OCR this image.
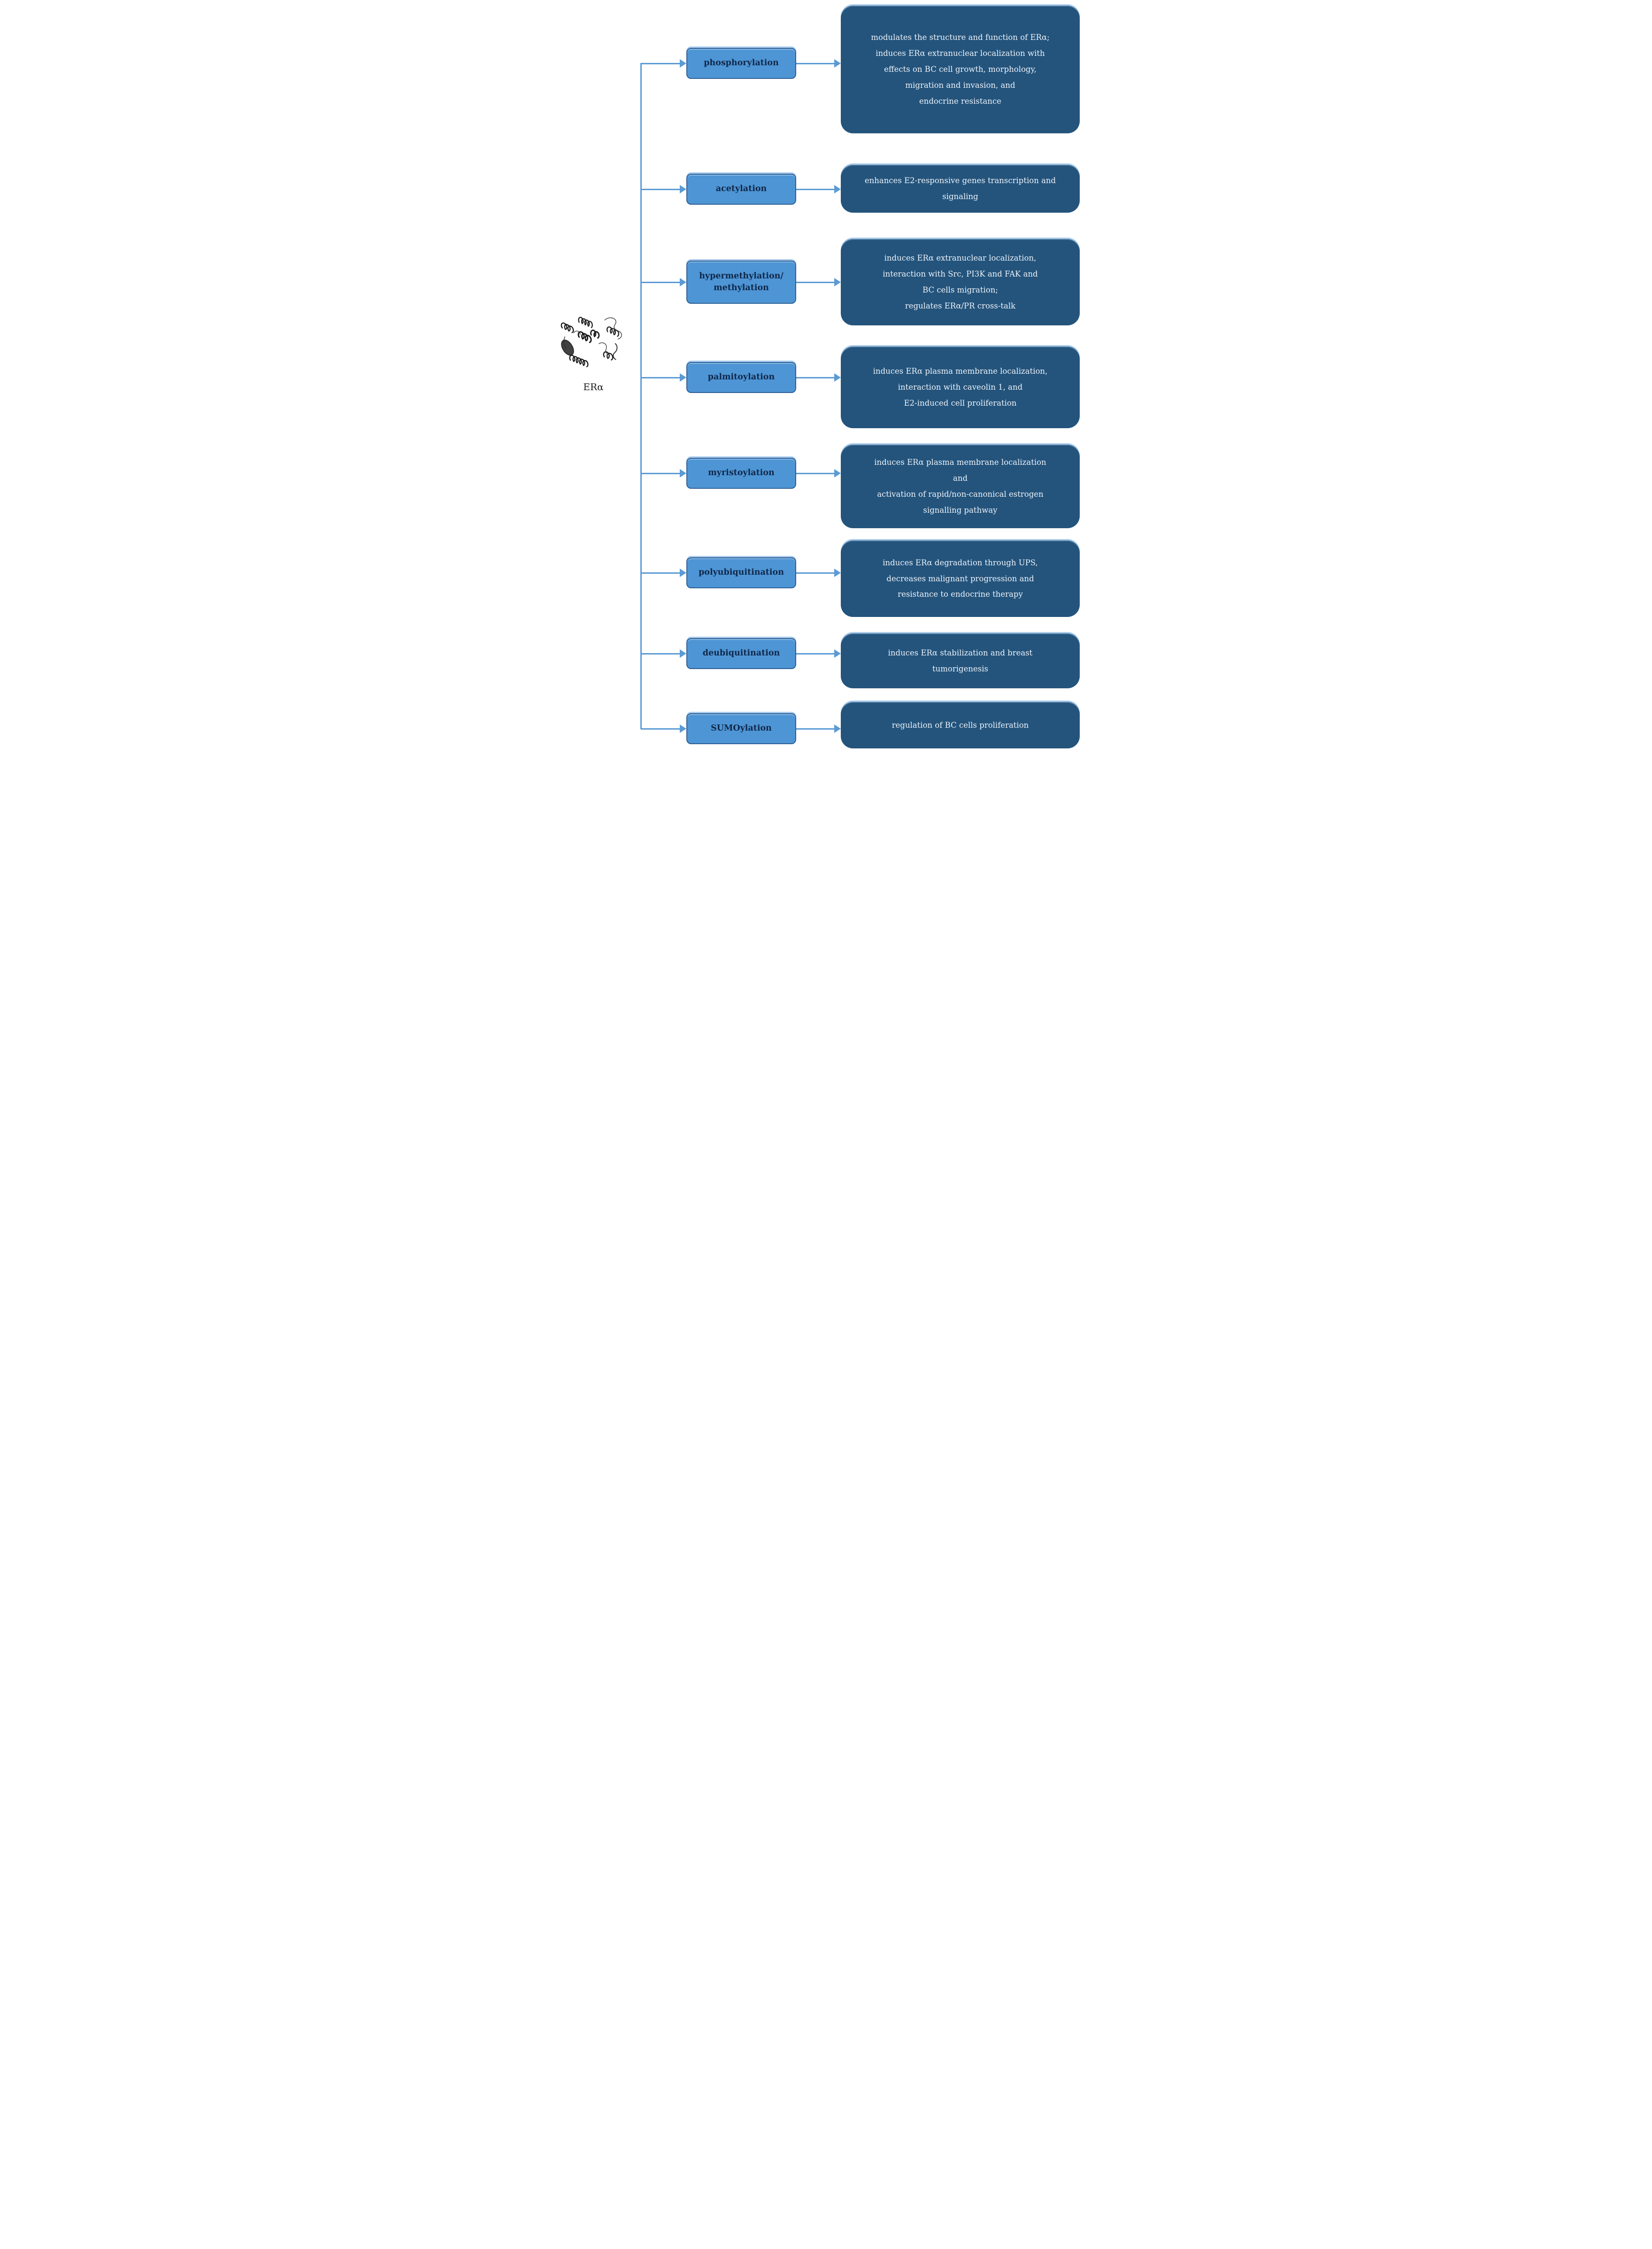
ERα
phosphorylation
modulates the structure and function of ERα;
induces ERα extranuclear localization with
effects on BC cell growth, morphology,
migration and invasion, and
endocrine resistance
acetylation
enhances E2-responsive genes transcription and
signaling
hypermethylation/
methylation
induces ERα extranuclear localization,
interaction with Src, PI3K and FAK and
BC cells migration;
regulates ERα/PR cross-talk
palmitoylation
induces ERα plasma membrane localization,
interaction with caveolin 1, and
E2-induced cell proliferation
myristoylation
induces ERα plasma membrane localization
and
activation of rapid/non-canonical estrogen
signalling pathway
polyubiquitination
induces ERα degradation through UPS,
decreases malignant progression and
resistance to endocrine therapy
deubiquitination	induces ERα stabilization and breast
tumorigenesis
SUMOylation	regulation of BC cells proliferation
